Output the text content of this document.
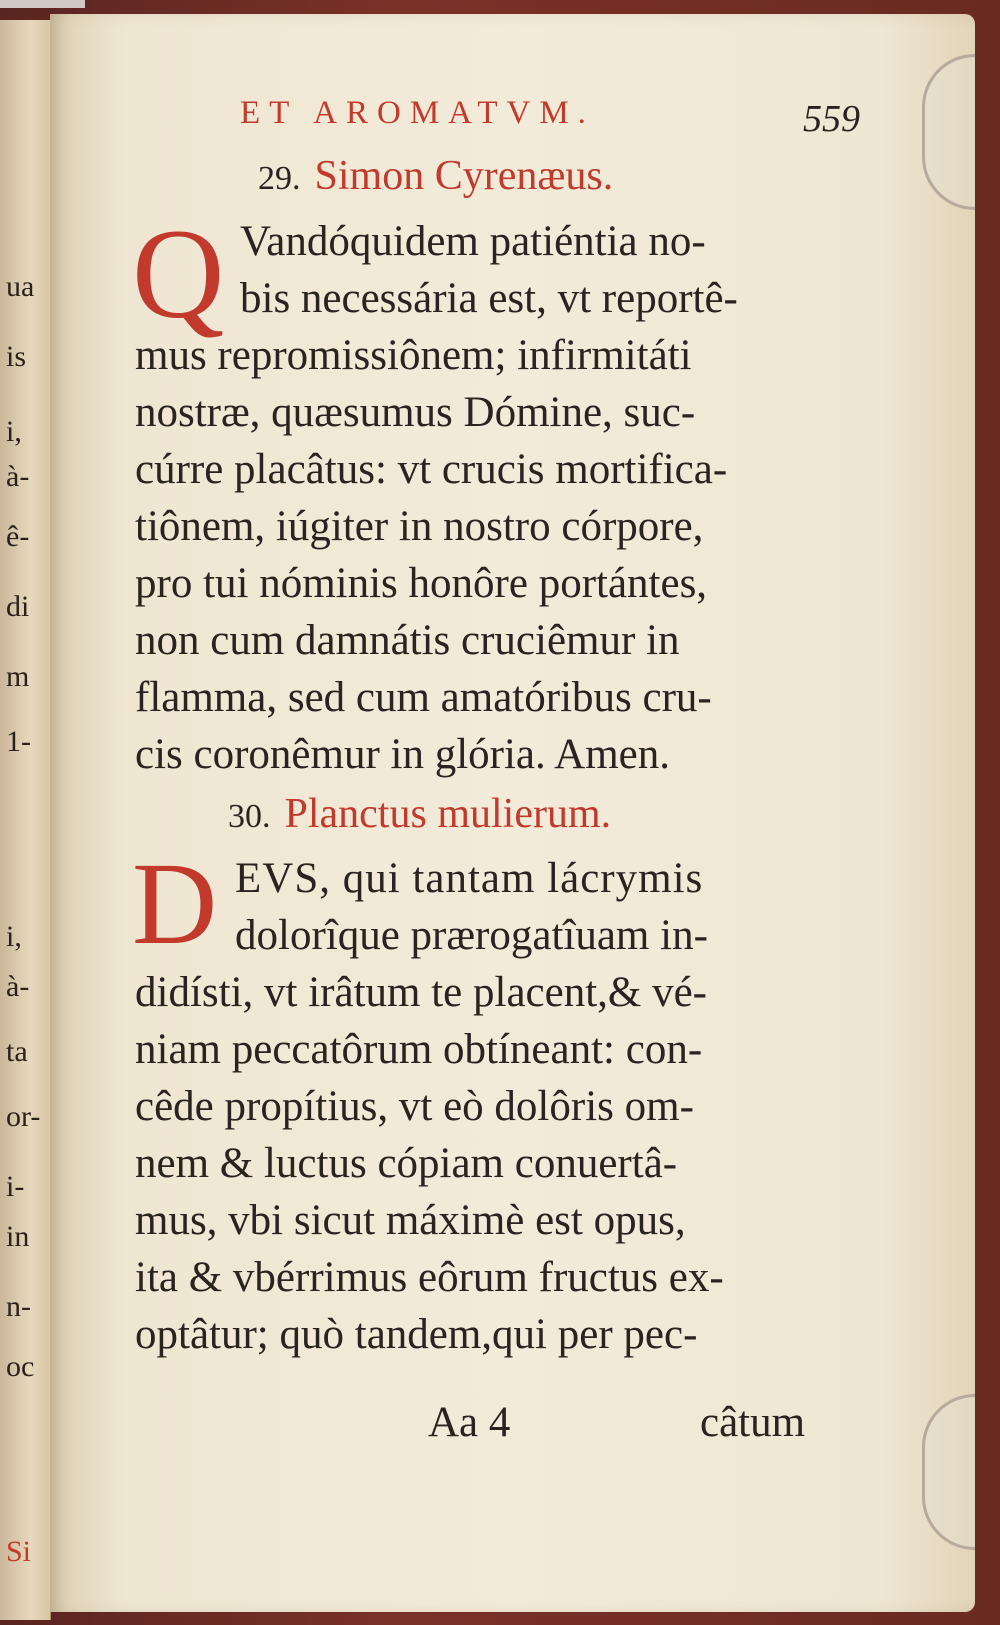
ua
is
i,
à-
ê-
di
m
1-
i,
à-
ta
or-
i-
in
n-
oc
Si
ET AROMATVM.	559
29. Simon Cyrenæus.
Q Vandóquidem patiéntia no-
bis necessária est, vt reportê-
mus repromissiônem; infirmitáti
nostræ, quæsumus Dómine, suc-
cúrre placâtus: vt crucis mortifica-
tiônem, iúgiter in nostro córpore,
pro tui nóminis honôre portántes,
non cum damnátis cruciêmur in
flamma, sed cum amatóribus cru-
cis coronêmur in glória. Amen.
30. Planctus mulierum.
D EVS, qui tantam lácrymis
dolorîque prærogatîuam in-
didísti, vt irâtum te placent,& vé-
niam peccatôrum obtíneant: con-
cêde propítius, vt eò dolôris om-
nem & luctus cópiam conuertâ-
mus, vbi sicut máximè est opus,
ita & vbérrimus eôrum fructus ex-
optâtur; quò tandem,qui per pec-
Aa 4	câtum
